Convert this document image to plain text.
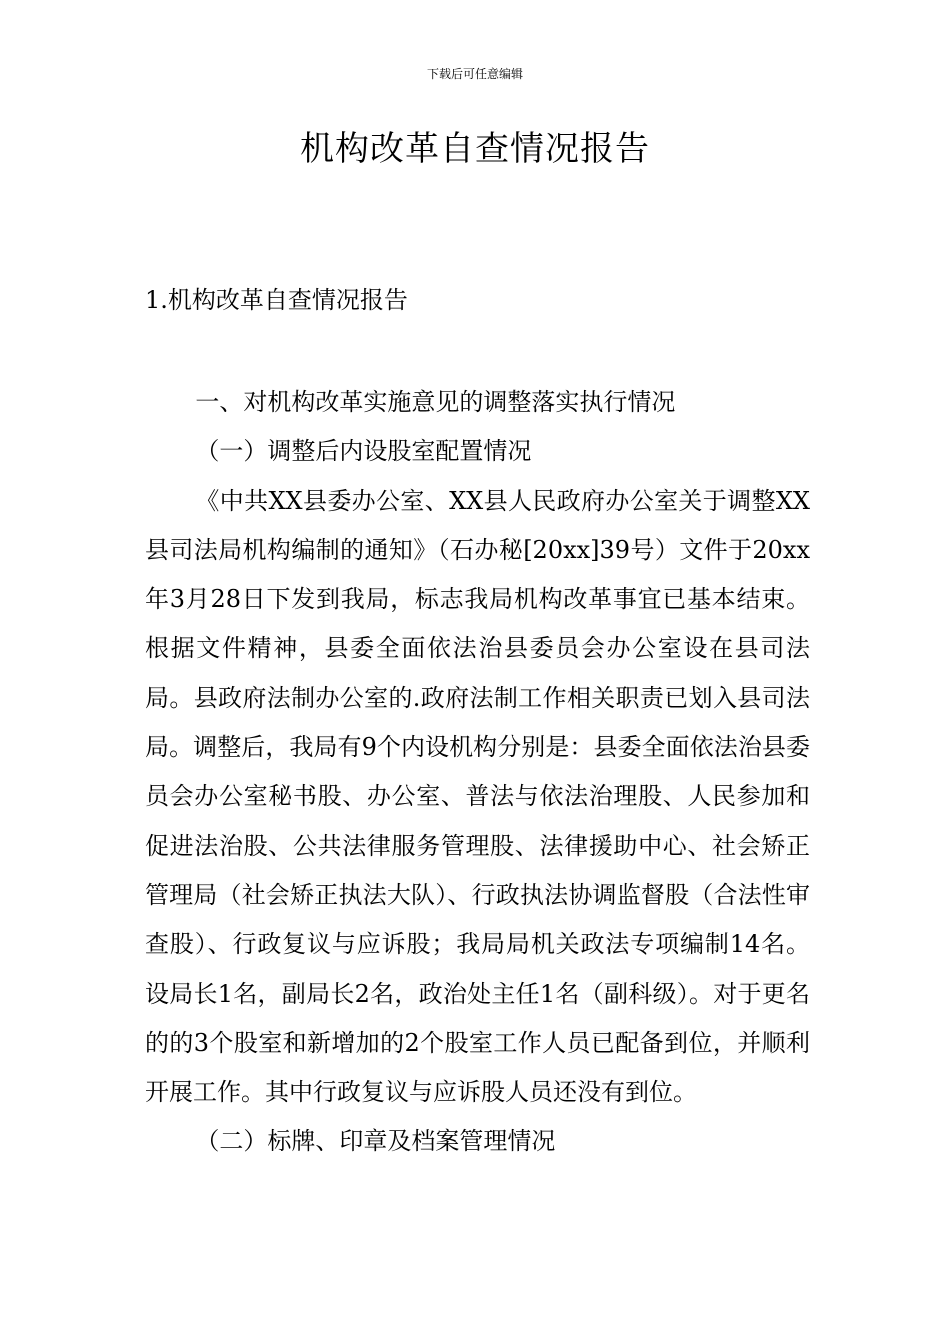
下载后可任意编辑
机构改革自查情况报告
1.机构改革自查情况报告

一、对机构改革实施意见的调整落实执行情况

（一）调整后内设股室配置情况

《中共XX县委办公室、XX县人民政府办公室关于调整XX县司法局机构编制的通知》（石办秘[20xx]39号）文件于20xx年3月28日下发到我局，标志我局机构改革事宜已基本结束。根据文件精神，县委全面依法治县委员会办公室设在县司法局。县政府法制办公室的.政府法制工作相关职责已划入县司法局。调整后，我局有9个内设机构分别是：县委全面依法治县委员会办公室秘书股、办公室、普法与依法治理股、人民参加和促进法治股、公共法律服务管理股、法律援助中心、社会矫正管理局（社会矫正执法大队）、行政执法协调监督股（合法性审查股）、行政复议与应诉股；我局局机关政法专项编制14名。设局长1名，副局长2名，政治处主任1名（副科级）。对于更名的的3个股室和新增加的2个股室工作人员已配备到位，并顺利开展工作。其中行政复议与应诉股人员还没有到位。

（二）标牌、印章及档案管理情况
